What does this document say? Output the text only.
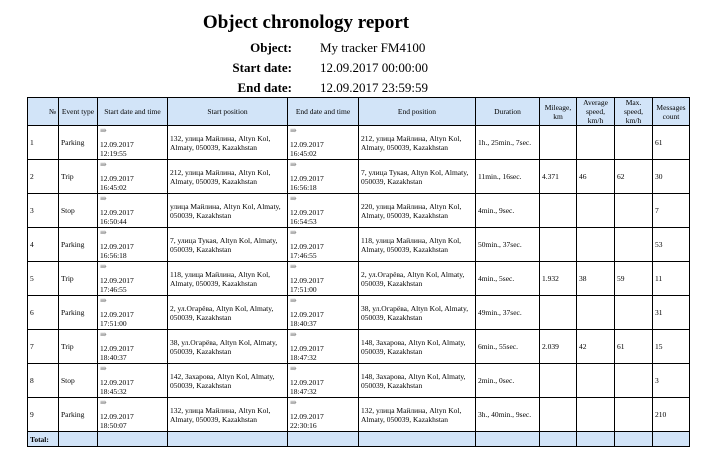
Object chronology report
Object: My tracker FM4100
Start date: 12.09.2017 00:00:00
End date: 12.09.2017 23:59:59
№	Event type	Start date and time	Start position	End date and time	End position	Duration	Mileage, km	Average speed, km/h	Max. speed, km/h	Messages count
1	Parking	⇛
12.09.2017
12:19:55	132, улица Майлина, Altyn Kol, Almaty, 050039, Kazakhstan	⇛
12.09.2017
16:45:02	212, улица Майлина, Altyn Kol, Almaty, 050039, Kazakhstan	1h., 25min., 7sec.				61
2	Trip	⇛
12.09.2017
16:45:02	212, улица Майлина, Altyn Kol, Almaty, 050039, Kazakhstan	⇛
12.09.2017
16:56:18	7, улица Тукая, Altyn Kol, Almaty, 050039, Kazakhstan	11min., 16sec.	4.371	46	62	30
3	Stop	⇛
12.09.2017
16:50:44	улица Майлина, Altyn Kol, Almaty, 050039, Kazakhstan	⇛
12.09.2017
16:54:53	220, улица Майлина, Altyn Kol, Almaty, 050039, Kazakhstan	4min., 9sec.				7
4	Parking	⇛
12.09.2017
16:56:18	7, улица Тукая, Altyn Kol, Almaty, 050039, Kazakhstan	⇛
12.09.2017
17:46:55	118, улица Майлина, Altyn Kol, Almaty, 050039, Kazakhstan	50min., 37sec.				53
5	Trip	⇛
12.09.2017
17:46:55	118, улица Майлина, Altyn Kol, Almaty, 050039, Kazakhstan	⇛
12.09.2017
17:51:00	2, ул.Огарёва, Altyn Kol, Almaty, 050039, Kazakhstan	4min., 5sec.	1.932	38	59	11
6	Parking	⇛
12.09.2017
17:51:00	2, ул.Огарёва, Altyn Kol, Almaty, 050039, Kazakhstan	⇛
12.09.2017
18:40:37	38, ул.Огарёва, Altyn Kol, Almaty, 050039, Kazakhstan	49min., 37sec.				31
7	Trip	⇛
12.09.2017
18:40:37	38, ул.Огарёва, Altyn Kol, Almaty, 050039, Kazakhstan	⇛
12.09.2017
18:47:32	148, Захарова, Altyn Kol, Almaty, 050039, Kazakhstan	6min., 55sec.	2.039	42	61	15
8	Stop	⇛
12.09.2017
18:45:32	142, Захарова, Altyn Kol, Almaty, 050039, Kazakhstan	⇛
12.09.2017
18:47:32	148, Захарова, Altyn Kol, Almaty, 050039, Kazakhstan	2min., 0sec.				3
9	Parking	⇛
12.09.2017
18:50:07	132, улица Майлина, Altyn Kol, Almaty, 050039, Kazakhstan	⇛
12.09.2017
22:30:16	132, улица Майлина, Altyn Kol, Almaty, 050039, Kazakhstan	3h., 40min., 9sec.				210
Total:										
